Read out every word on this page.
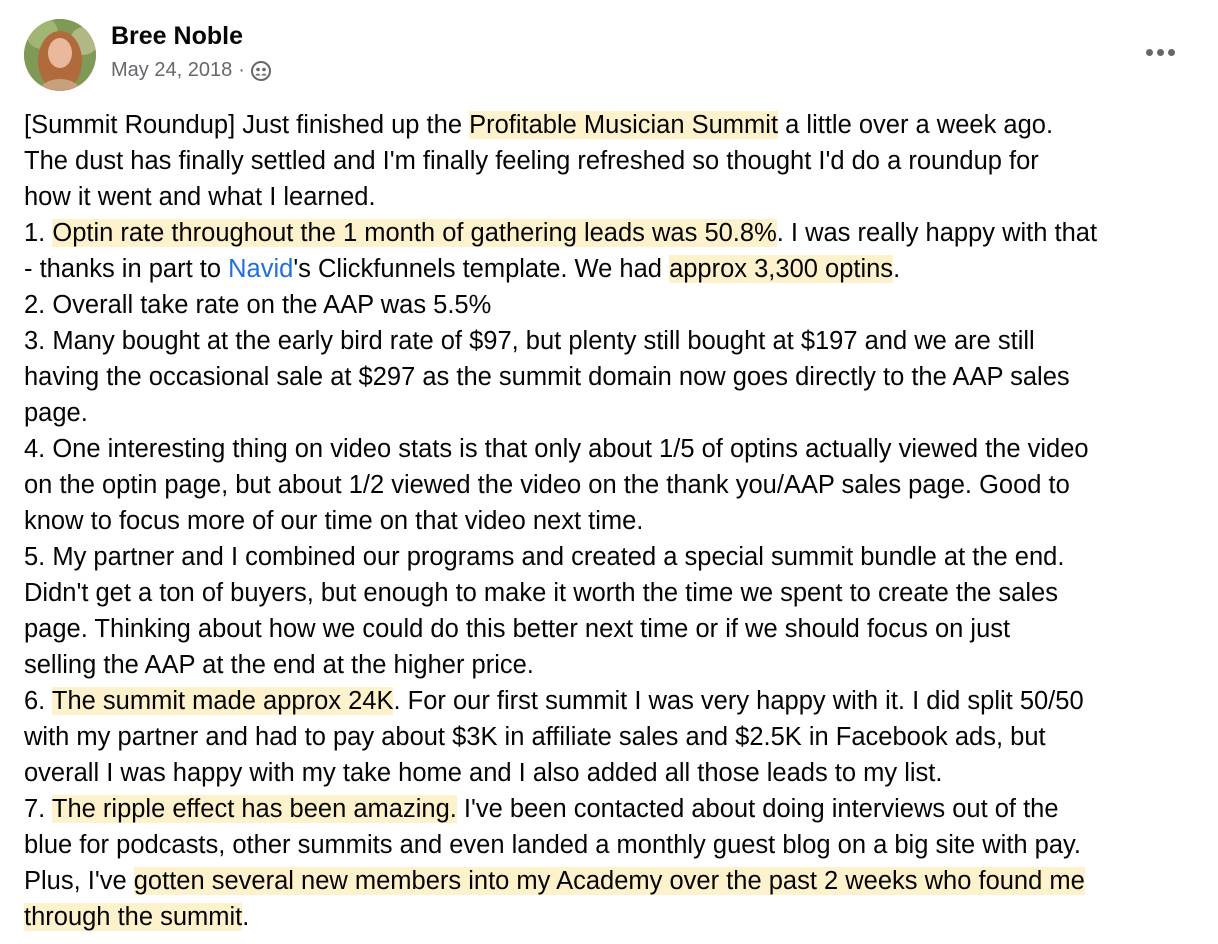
Bree Noble
May 24, 2018 ·

[Summit Roundup] Just finished up the Profitable Musician Summit a little over a week ago.

The dust has finally settled and I'm finally feeling refreshed so thought I'd do a roundup for

how it went and what I learned.

1. Optin rate throughout the 1 month of gathering leads was 50.8%. I was really happy with that

- thanks in part to Navid's Clickfunnels template. We had approx 3,300 optins.

2. Overall take rate on the AAP was 5.5%

3. Many bought at the early bird rate of $97, but plenty still bought at $197 and we are still

having the occasional sale at $297 as the summit domain now goes directly to the AAP sales

page.

4. One interesting thing on video stats is that only about 1/5 of optins actually viewed the video

on the optin page, but about 1/2 viewed the video on the thank you/AAP sales page. Good to

know to focus more of our time on that video next time.

5. My partner and I combined our programs and created a special summit bundle at the end.

Didn't get a ton of buyers, but enough to make it worth the time we spent to create the sales

page. Thinking about how we could do this better next time or if we should focus on just

selling the AAP at the end at the higher price.

6. The summit made approx 24K. For our first summit I was very happy with it. I did split 50/50

with my partner and had to pay about $3K in affiliate sales and $2.5K in Facebook ads, but

overall I was happy with my take home and I also added all those leads to my list.

7. The ripple effect has been amazing. I've been contacted about doing interviews out of the

blue for podcasts, other summits and even landed a monthly guest blog on a big site with pay.

Plus, I've gotten several new members into my Academy over the past 2 weeks who found me

through the summit.
